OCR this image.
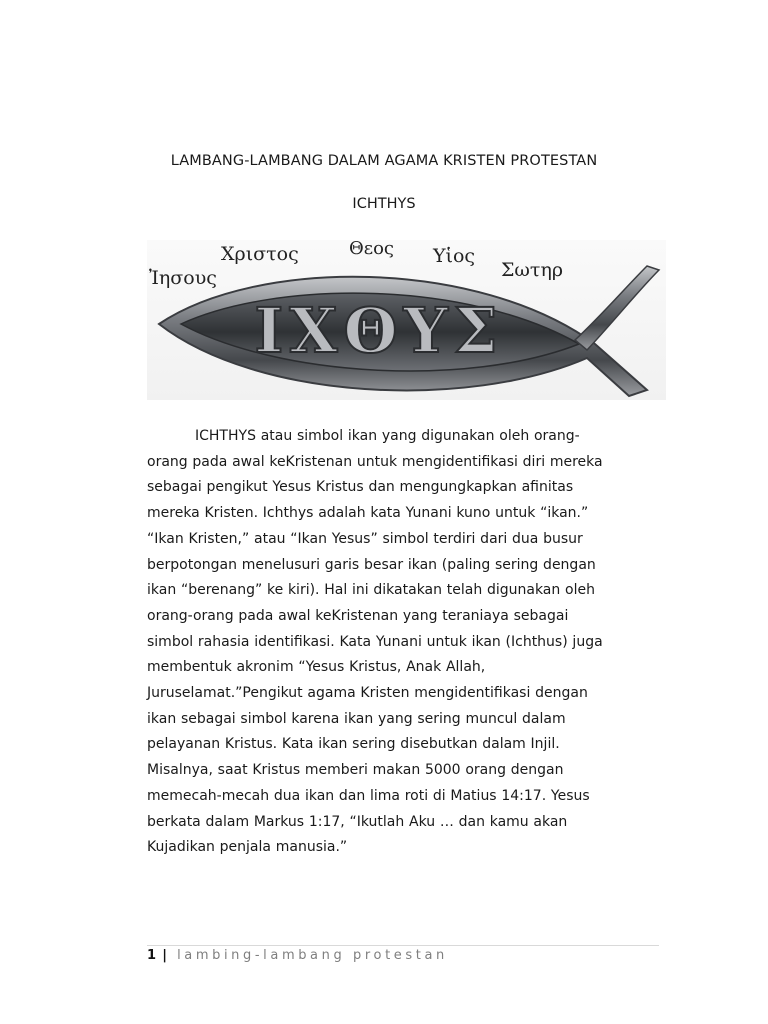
LAMBANG-LAMBANG DALAM AGAMA KRISTEN PROTESTAN
ICHTHYS
ΙΧΘΥΣ
Ἰησους
Χριστος	Θεος Υἱος
Σωτηρ

ICHTHYS atau simbol ikan yang digunakan oleh orang-
orang pada awal keKristenan untuk mengidentifikasi diri mereka
sebagai pengikut Yesus Kristus dan mengungkapkan afinitas
mereka Kristen. Ichthys adalah kata Yunani kuno untuk “ikan.”
“Ikan Kristen,” atau “Ikan Yesus” simbol terdiri dari dua busur
berpotongan menelusuri garis besar ikan (paling sering dengan
ikan “berenang” ke kiri). Hal ini dikatakan telah digunakan oleh
orang-orang pada awal keKristenan yang teraniaya sebagai
simbol rahasia identifikasi. Kata Yunani untuk ikan (Ichthus) juga
membentuk akronim “Yesus Kristus, Anak Allah,
Juruselamat.”Pengikut agama Kristen mengidentifikasi dengan
ikan sebagai simbol karena ikan yang sering muncul dalam
pelayanan Kristus. Kata ikan sering disebutkan dalam Injil.
Misalnya, saat Kristus memberi makan 5000 orang dengan
memecah-mecah dua ikan dan lima roti di Matius 14:17. Yesus
berkata dalam Markus 1:17, “Ikutlah Aku … dan kamu akan
Kujadikan penjala manusia.”

1 | lambing-lambang protestan
